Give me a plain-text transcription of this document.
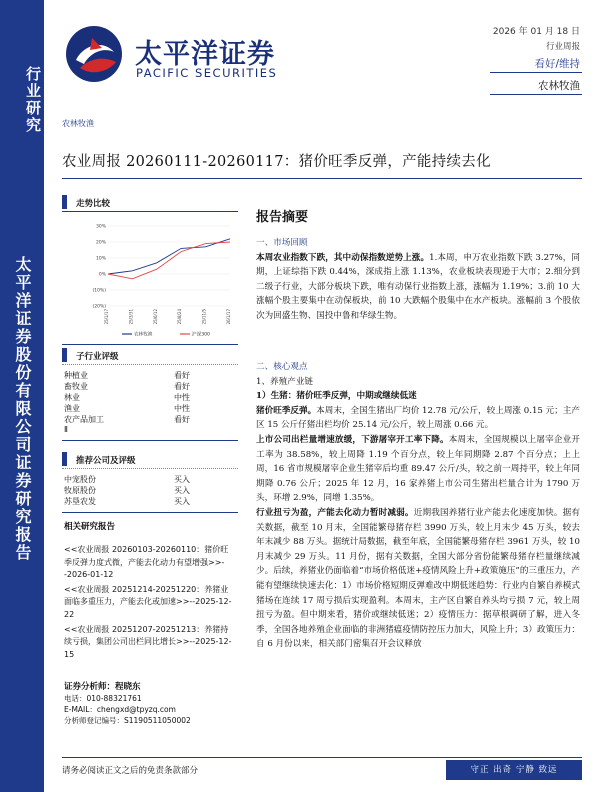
行业研究
太平洋证券股份有限公司证券研究报告
太平洋证券
PACIFIC SECURITIES
2026 年 01 月 18 日
行业周报
看好/维持
农林牧渔
农林牧渔
农业周报 20260111-20260117：猪价旺季反弹，产能持续去化
走势比较
30%
20%
10%
0%
(10%)
(20%)
25/1/17	25/3/31	25/6/12	25/8/24	25/11/5	26/1/17
农林牧渔	沪深300
子行业评级
种植业	看好
畜牧业	看好
林业	中性
渔业	中性
农产品加工	看好
Ⅱ
推荐公司及评级
中宠股份	买入
牧原股份	买入
苏垦农发	买入
相关研究报告

<<农业周报 20260103-20260110：猪价旺季反弹力度式微，产能去化动力有望增强>>--2026-01-12

<<农业周报 20251214-20251220：养猪业面临多重压力，产能去化或加速>>--2025-12-22

<<农业周报 20251207-20251213：养猪持续亏损，集团公司出栏同比增长>>--2025-12-15

证券分析师：程晓东
电话：010-88321761
E-MAIL：chengxd@tpyzq.com
分析师登记编号：S1190511050002
报告摘要
一、市场回顾

本周农业指数下跌，其中动保指数逆势上涨。1.本周，申万农业指数下跌 3.27%，同期，上证综指下跌 0.44%，深成指上涨 1.13%，农业板块表现逊于大市；2.细分到二级子行业，大部分板块下跌，唯有动保行业指数上涨，涨幅为 1.19%；3.前 10 大涨幅个股主要集中在动保板块，前 10 大跌幅个股集中在水产板块。涨幅前 3 个股依次为回盛生物、国投中鲁和华绿生物。

二、核心观点
1、养殖产业链
1）生猪：猪价旺季反弹，中期或继续低迷

猪价旺季反弹。本周末，全国生猪出厂均价 12.78 元/公斤，较上周涨 0.15 元；主产区 15 公斤仔猪出栏均价 25.14 元/公斤，较上周涨 0.66 元。

上市公司出栏量增速放缓，下游屠宰开工率下降。本周末，全国规模以上屠宰企业开工率为 38.58%，较上周降 1.19 个百分点，较上年同期降 2.87 个百分点；上上周，16 省市规模屠宰企业生猪宰后均重 89.47 公斤/头，较之前一周持平，较上年同期降 0.76 公斤；2025 年 12 月，16 家养猪上市公司生猪出栏量合计为 1790 万头，环增 2.9%，同增 1.35%。

行业扭亏为盈，产能去化动力暂时减弱。近期我国养猪行业产能去化速度加快。据有关数据，截至 10 月末，全国能繁母猪存栏 3990 万头，较上月末少 45 万头，较去年末减少 88 万头。据统计局数据，截至年底，全国能繁母猪存栏 3961 万头，较 10 月末减少 29 万头。11 月份，据有关数据，全国大部分省份能繁母猪存栏量继续减少。后续，养猪业仍面临着“市场价格低迷+疫情风险上升+政策施压”的三重压力，产能有望继续快速去化：1）市场价格短期反弹难改中期低迷趋势：行业内自繁自养模式猪场在连续 17 周亏损后实现盈利。本周末，主产区自繁自养头均亏损 7 元，较上周扭亏为盈。但中期来看，猪价或继续低迷；2）疫情压力：据草根调研了解，进入冬季，全国各地养殖企业面临的非洲猪瘟疫情防控压力加大，风险上升；3）政策压力：自 6 月份以来，相关部门密集召开会议释放

请务必阅读正文之后的免责条款部分	守正 出奇 宁静 致远
